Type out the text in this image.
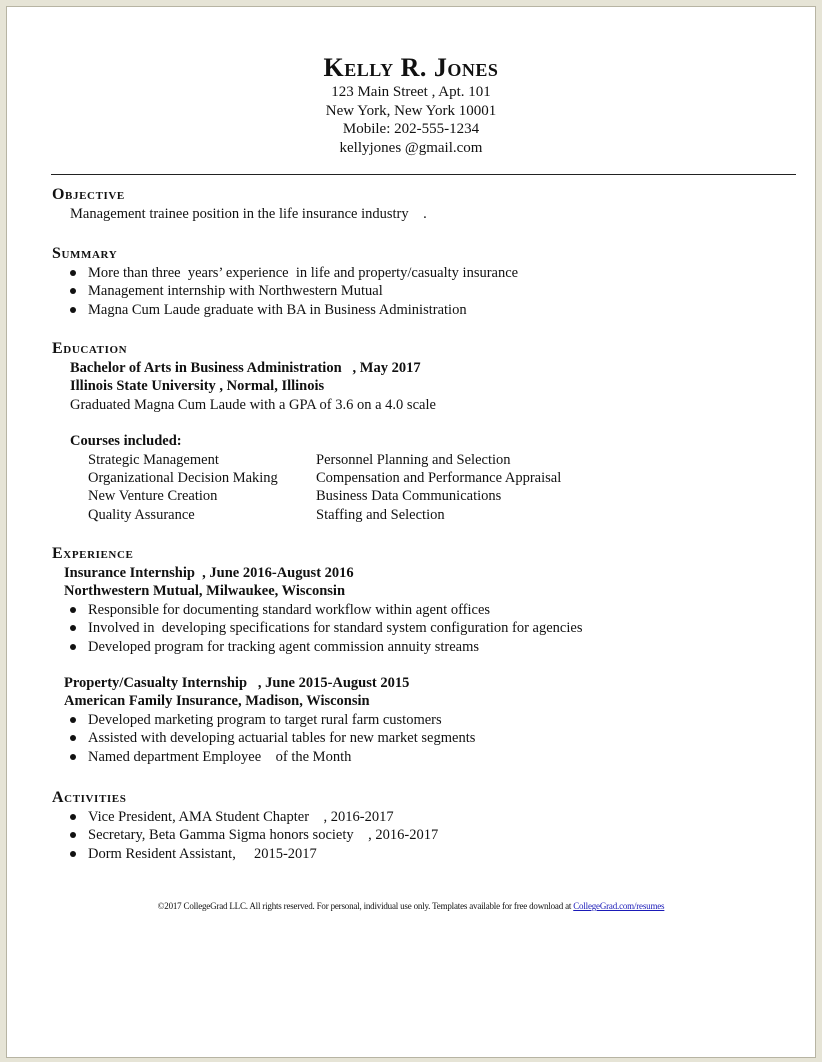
Kelly R. Jones
123 Main Street , Apt. 101
New York, New York 10001
Mobile: 202-555-1234
kellyjones @gmail.com
Objective
Management trainee position in the life insurance industry    .
Summary
More than three  years’ experience  in life and property/casualty insurance
Management internship with Northwestern Mutual
Magna Cum Laude graduate with BA in Business Administration
Education
Bachelor of Arts in Business Administration   , May 2017
Illinois State University , Normal, Illinois
Graduated Magna Cum Laude with a GPA of 3.6 on a 4.0 scale
Courses included:
Strategic Management	Personnel Planning and Selection
Organizational Decision Making	Compensation and Performance Appraisal
New Venture Creation	Business Data Communications
Quality Assurance	Staffing and Selection
Experience
Insurance Internship  , June 2016-August 2016
Northwestern Mutual, Milwaukee, Wisconsin
Responsible for documenting standard workflow within agent offices
Involved in  developing specifications for standard system configuration for agencies
Developed program for tracking agent commission annuity streams
Property/Casualty Internship   , June 2015-August 2015
American Family Insurance, Madison, Wisconsin
Developed marketing program to target rural farm customers
Assisted with developing actuarial tables for new market segments
Named department Employee    of the Month
Activities
Vice President, AMA Student Chapter    , 2016-2017
Secretary, Beta Gamma Sigma honors society    , 2016-2017
Dorm Resident Assistant,     2015-2017
©2017 CollegeGrad LLC. All rights reserved. For personal, individual use only. Templates available for free download at CollegeGrad.com/resumes
